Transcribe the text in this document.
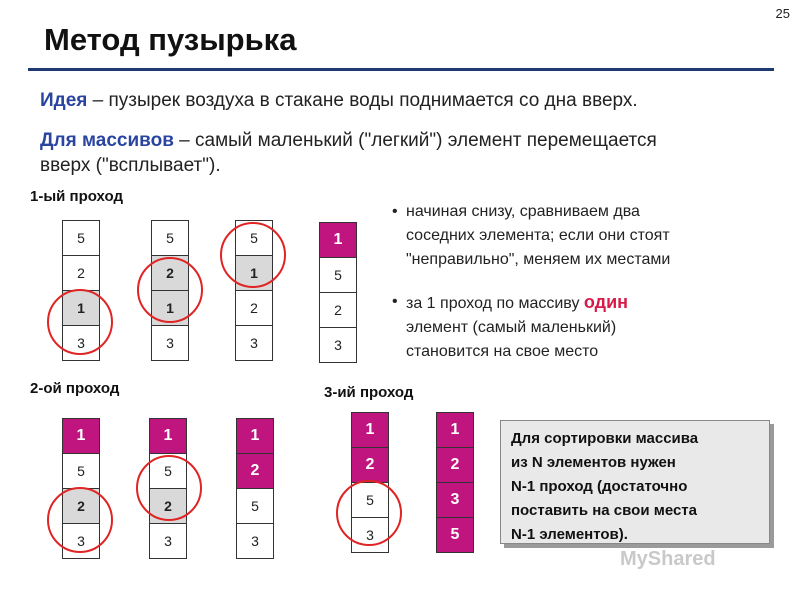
25
Метод пузырька
Идея – пузырек воздуха в стакане воды поднимается со дна вверх.
Для массивов – самый маленький ("легкий") элемент перемещается
вверх ("всплывает").
1-ый проход
2-ой проход	3-ий проход
5
2
1
3
5
2
1
3
5
1
2
3
1
5
2
3
• начиная снизу, сравниваем два
соседних элемента; если они стоят
"неправильно", меняем их местами
• за 1 проход по массиву один
элемент (самый маленький)
становится на свое место
1
5
2
3
1
5
2
3
1
2
5
3
1
2
5
3
1
2
3
5
Для сортировки массива
из N элементов нужен
N-1 проход (достаточно
поставить на свои места
N-1 элементов).
MyShared
